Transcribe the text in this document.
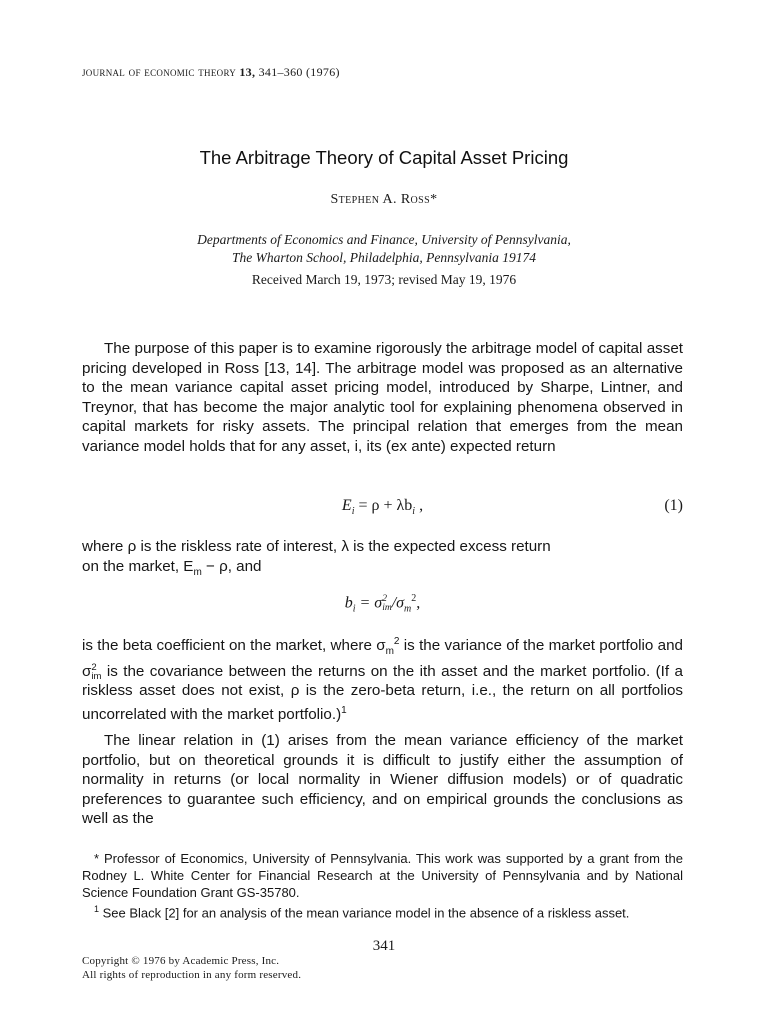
journal of economic theory 13, 341–360 (1976)
The Arbitrage Theory of Capital Asset Pricing
Stephen A. Ross*
Departments of Economics and Finance, University of Pennsylvania,
The Wharton School, Philadelphia, Pennsylvania 19174
Received March 19, 1973; revised May 19, 1976

The purpose of this paper is to examine rigorously the arbitrage model of capital asset pricing developed in Ross [13, 14]. The arbitrage model was proposed as an alternative to the mean variance capital asset pricing model, introduced by Sharpe, Lintner, and Treynor, that has become the major analytic tool for explaining phenomena observed in capital markets for risky assets. The principal relation that emerges from the mean variance model holds that for any asset, i, its (ex ante) expected return

$E_i = \rho + \lambda b_i$ ,	(1)

where ρ is the riskless rate of interest, λ is the expected excess return
on the market, $E_m - \rho$, and

$b_i = \sigma$ 2
im $/\sigma_m^2$,

is the beta coefficient on the market, where $\sigma_m^2$ is the variance of the market portfolio and σ 2
im is the covariance between the returns on the ith asset and the market portfolio. (If a riskless asset does not exist, ρ is the zero-beta return, i.e., the return on all portfolios uncorrelated with the market portfolio.)$^1$

The linear relation in (1) arises from the mean variance efficiency of the market portfolio, but on theoretical grounds it is difficult to justify either the assumption of normality in returns (or local normality in Wiener diffusion models) or of quadratic preferences to guarantee such efficiency, and on empirical grounds the conclusions as well as the

* Professor of Economics, University of Pennsylvania. This work was supported by a grant from the Rodney L. White Center for Financial Research at the University of Pennsylvania and by National Science Foundation Grant GS-35780.

$^1$ See Black [2] for an analysis of the mean variance model in the absence of a riskless asset.

341
Copyright © 1976 by Academic Press, Inc.
All rights of reproduction in any form reserved.
